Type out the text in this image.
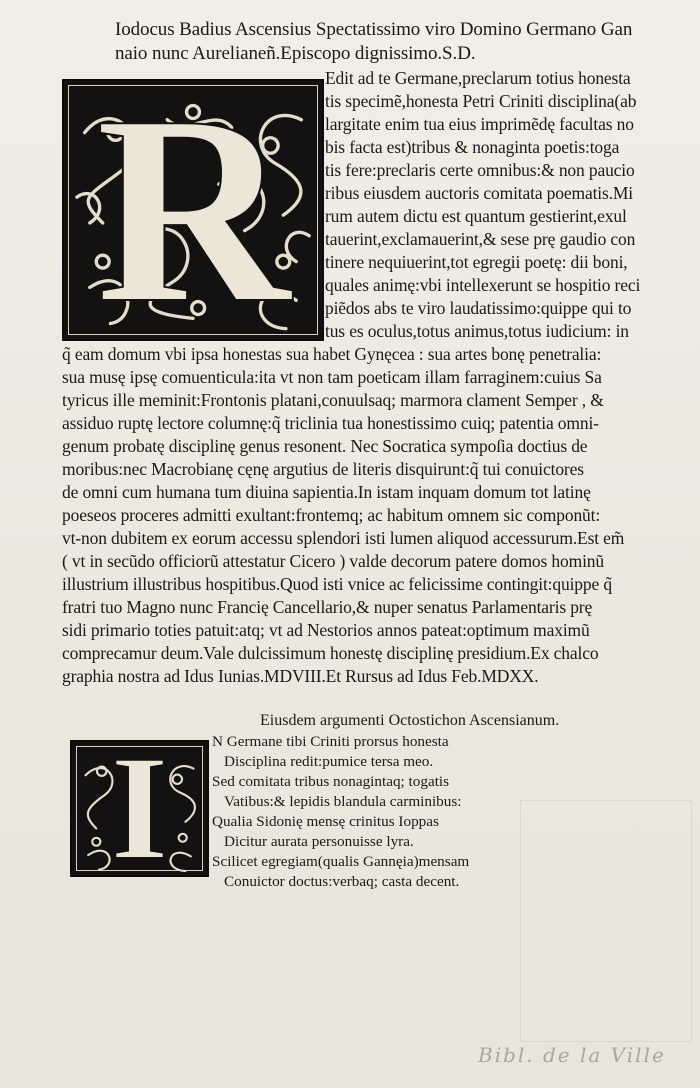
Iodocus Badius Ascensius Spectatissimo viro Domino Germano Gan
naio nunc Aurelianeñ.Episcopo dignissimo.S.D.
R	Edit ad te Germane,preclarum totius honesta
tis specimẽ,honesta Petri Criniti disciplina(ab
largitate enim tua eius imprimẽdę facultas no
bis facta est)tribus & nonaginta poetis:toga
tis fere:preclaris certe omnibus:& non paucio
ribus eiusdem auctoris comitata poematis.Mi
rum autem dictu est quantum gestierint,exul
tauerint,exclamauerint,& sese prę gaudio con
tinere nequiuerint,tot egregii poetę: dii boni,
quales animę:vbi intellexerunt se hospitio reci
piẽdos abs te viro laudatissimo:quippe qui to
tus es oculus,totus animus,totus iudicium: in
q̃ eam domum vbi ipsa honestas sua habet Gynęcea : sua artes bonę penetralia:
sua musę ipsę comuenticula:ita vt non tam poeticam illam farraginem:cuius Sa
tyricus ille meminit:Frontonis platani,conuulsaq; marmora clament Semper , &
assiduo ruptę lectore columnę:q̃ triclinia tua honestissimo cuiq; patentia omni-
genum probatę disciplinę genus resonent. Nec Socratica sympoſia doctius de
moribus:nec Macrobianę cęnę argutius de literis disquirunt:q̃ tui conuictores
de omni cum humana tum diuina sapientia.In istam inquam domum tot latinę
poeseos proceres admitti exultant:frontemq; ac habitum omnem sic componũt:
vt-non dubitem ex eorum accessu splendori isti lumen aliquod accessurum.Est em̃
( vt in secũdo officiorũ attestatur Cicero ) valde decorum patere domos hominũ
illustrium illustribus hospitibus.Quod isti vnice ac felicissime contingit:quippe q̃
fratri tuo Magno nunc Francię Cancellario,& nuper senatus Parlamentaris prę
sidi primario toties patuit:atq; vt ad Nestorios annos pateat:optimum maximũ
comprecamur deum.Vale dulcissimum honestę disciplinę presidium.Ex chalco
graphia nostra ad Idus Iunias.MDVIII.Et Rursus ad Idus Feb.MDXX.
Eiusdem argumenti Octostichon Ascensianum.
I	N Germane tibi Criniti prorsus honesta
Disciplina redit:pumice tersa meo.
Sed comitata tribus nonagintaq; togatis
Vatibus:& lepidis blandula carminibus:
Qualia Sidonię mensę crinitus Ioppas
Dicitur aurata personuisse lyra.
Scilicet egregiam(qualis Gannęia)mensam
Conuictor doctus:verbaq; casta decent.
Bibl. de la Ville
